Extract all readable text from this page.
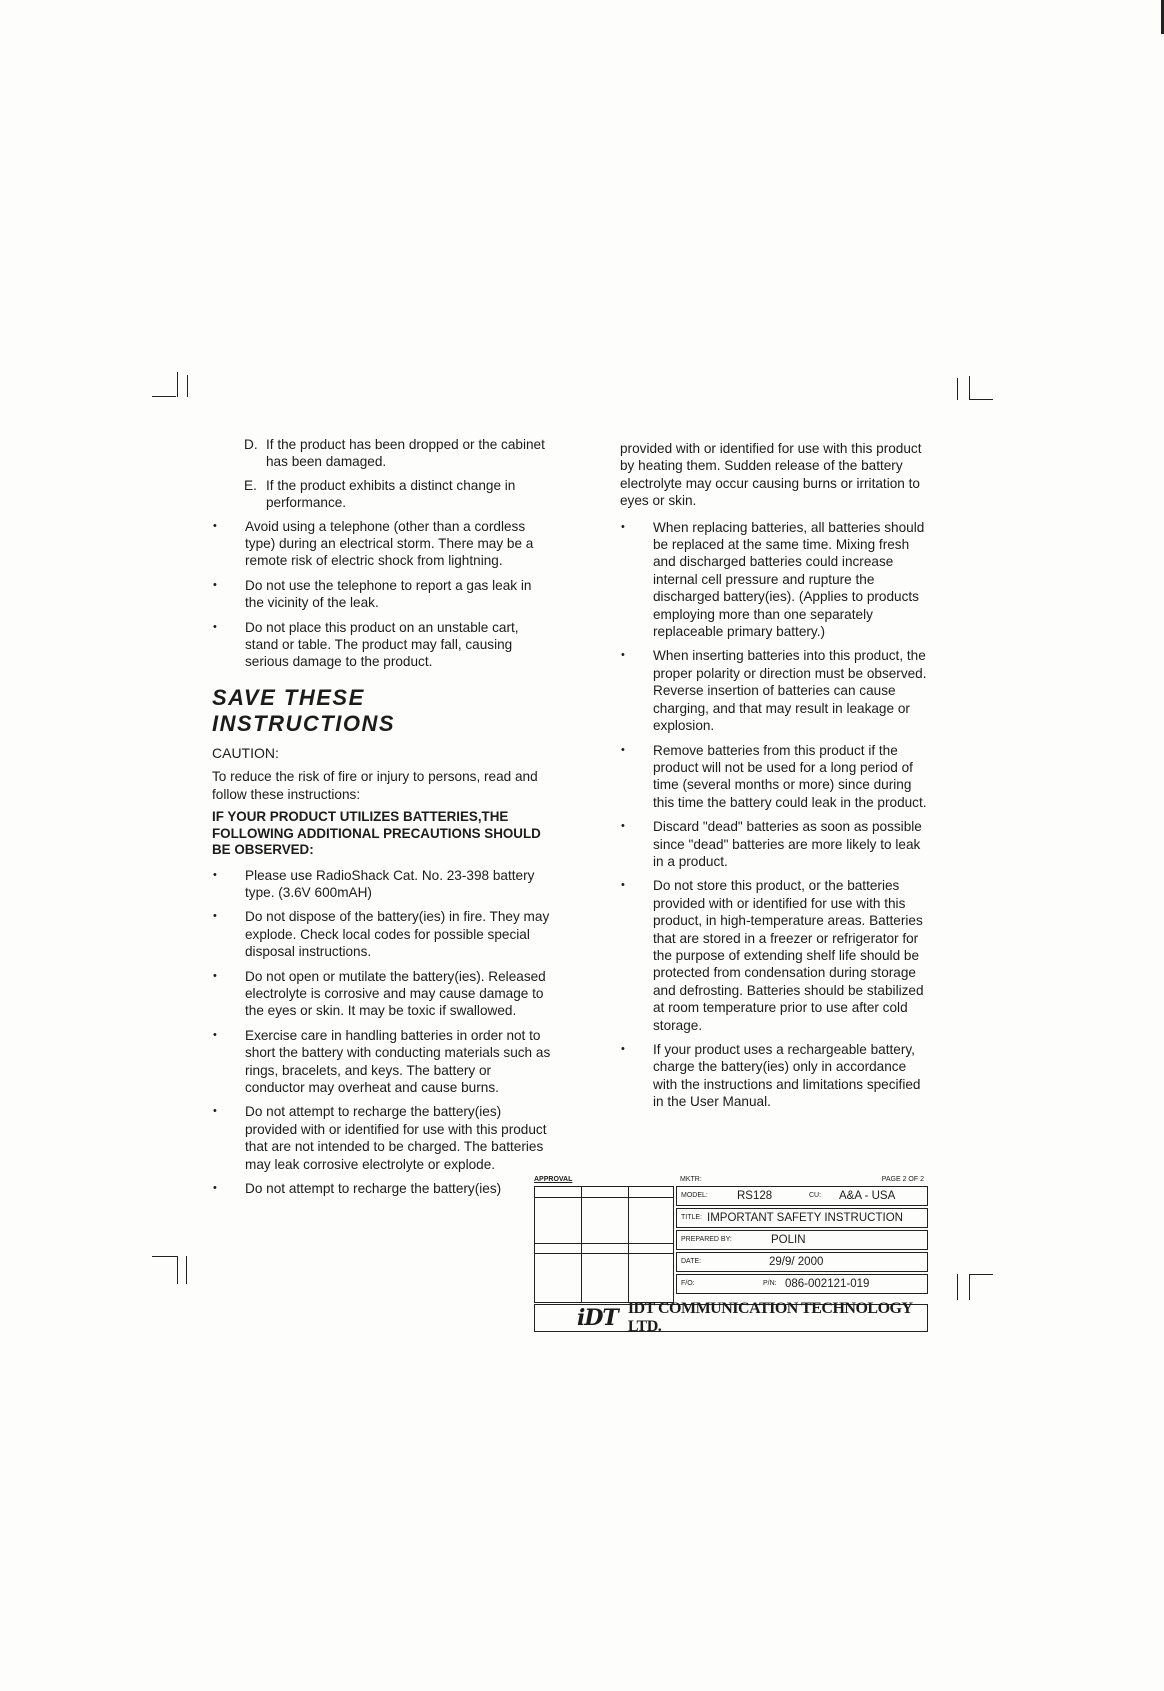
D. If the product has been dropped or the cabinet has been damaged.
E. If the product exhibits a distinct change in performance.
•	Avoid using a telephone (other than a cordless type) during an electrical storm. There may be a remote risk of electric shock from lightning.
•	Do not use the telephone to report a gas leak in the vicinity of the leak.
•	Do not place this product on an unstable cart, stand or table. The product may fall, causing serious damage to the product.
SAVE THESE INSTRUCTIONS
CAUTION:
To reduce the risk of fire or injury to persons, read and follow these instructions:
IF YOUR PRODUCT UTILIZES BATTERIES,THE FOLLOWING ADDITIONAL PRECAUTIONS SHOULD BE OBSERVED:
•	Please use RadioShack Cat. No. 23-398 battery type. (3.6V 600mAH)
•	Do not dispose of the battery(ies) in fire. They may explode. Check local codes for possible special disposal instructions.
•	Do not open or mutilate the battery(ies). Released electrolyte is corrosive and may cause damage to the eyes or skin. It may be toxic if swallowed.
•	Exercise care in handling batteries in order not to short the battery with conducting materials such as rings, bracelets, and keys. The battery or conductor may overheat and cause burns.
•	Do not attempt to recharge the battery(ies) provided with or identified for use with this product that are not intended to be charged. The batteries may leak corrosive electrolyte or explode.
•	Do not attempt to recharge the battery(ies)
provided with or identified for use with this product by heating them. Sudden release of the battery electrolyte may occur causing burns or irritation to eyes or skin.
•	When replacing batteries, all batteries should be replaced at the same time. Mixing fresh and discharged batteries could increase internal cell pressure and rupture the discharged battery(ies). (Applies to products employing more than one separately replaceable primary battery.)
•	When inserting batteries into this product, the proper polarity or direction must be observed. Reverse insertion of batteries can cause charging, and that may result in leakage or explosion.
•	Remove batteries from this product if the product will not be used for a long period of time (several months or more) since during this time the battery could leak in the product.
•	Discard "dead" batteries as soon as possible since "dead" batteries are more likely to leak in a product.
•	Do not store this product, or the batteries provided with or identified for use with this product, in high-temperature areas. Batteries that are stored in a freezer or refrigerator for the purpose of extending shelf life should be protected from condensation during storage and defrosting. Batteries should be stabilized at room temperature prior to use after cold storage.
•	If your product uses a rechargeable battery, charge the battery(ies) only in accordance with the instructions and limitations specified in the User Manual.
APPROVAL	MKTR:	PAGE 2 OF 2
MODEL:	RS128	CU: A&A - USA
TITLE: IMPORTANT SAFETY INSTRUCTION
PREPARED BY:	POLIN
DATE:	29/9/ 2000
F/O:	P/N: 086-002121-019
iDT IDT COMMUNICATION TECHNOLOGY LTD.
